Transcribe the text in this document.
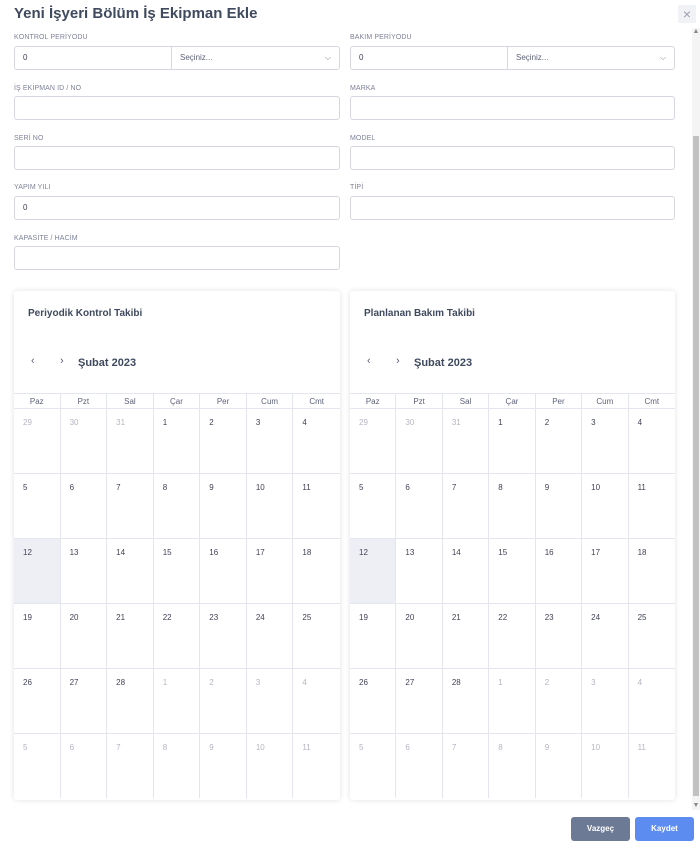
Yeni İşyeri Bölüm İş Ekipman Ekle	×
▲
▼
KONTROL PERİYODU
0	Seçiniz...	⌵
BAKIM PERİYODU
0	Seçiniz...	⌵
İŞ EKİPMAN ID / NO	MARKA
SERİ NO	MODEL
YAPIM YILI
0
TİPİ
KAPASİTE / HACİM
Periyodik Kontrol Takibi
‹ › Şubat 2023
Paz	Pzt	Sal	Çar	Per	Cum	Cmt
29	30	31	1	2	3	4
5	6	7	8	9	10	11
12	13	14	15	16	17	18
19	20	21	22	23	24	25
26	27	28	1	2	3	4
5	6	7	8	9	10	11
Planlanan Bakım Takibi
‹ › Şubat 2023
Paz	Pzt	Sal	Çar	Per	Cum	Cmt
29	30	31	1	2	3	4
5	6	7	8	9	10	11
12	13	14	15	16	17	18
19	20	21	22	23	24	25
26	27	28	1	2	3	4
5	6	7	8	9	10	11
Vazgeç	Kaydet
